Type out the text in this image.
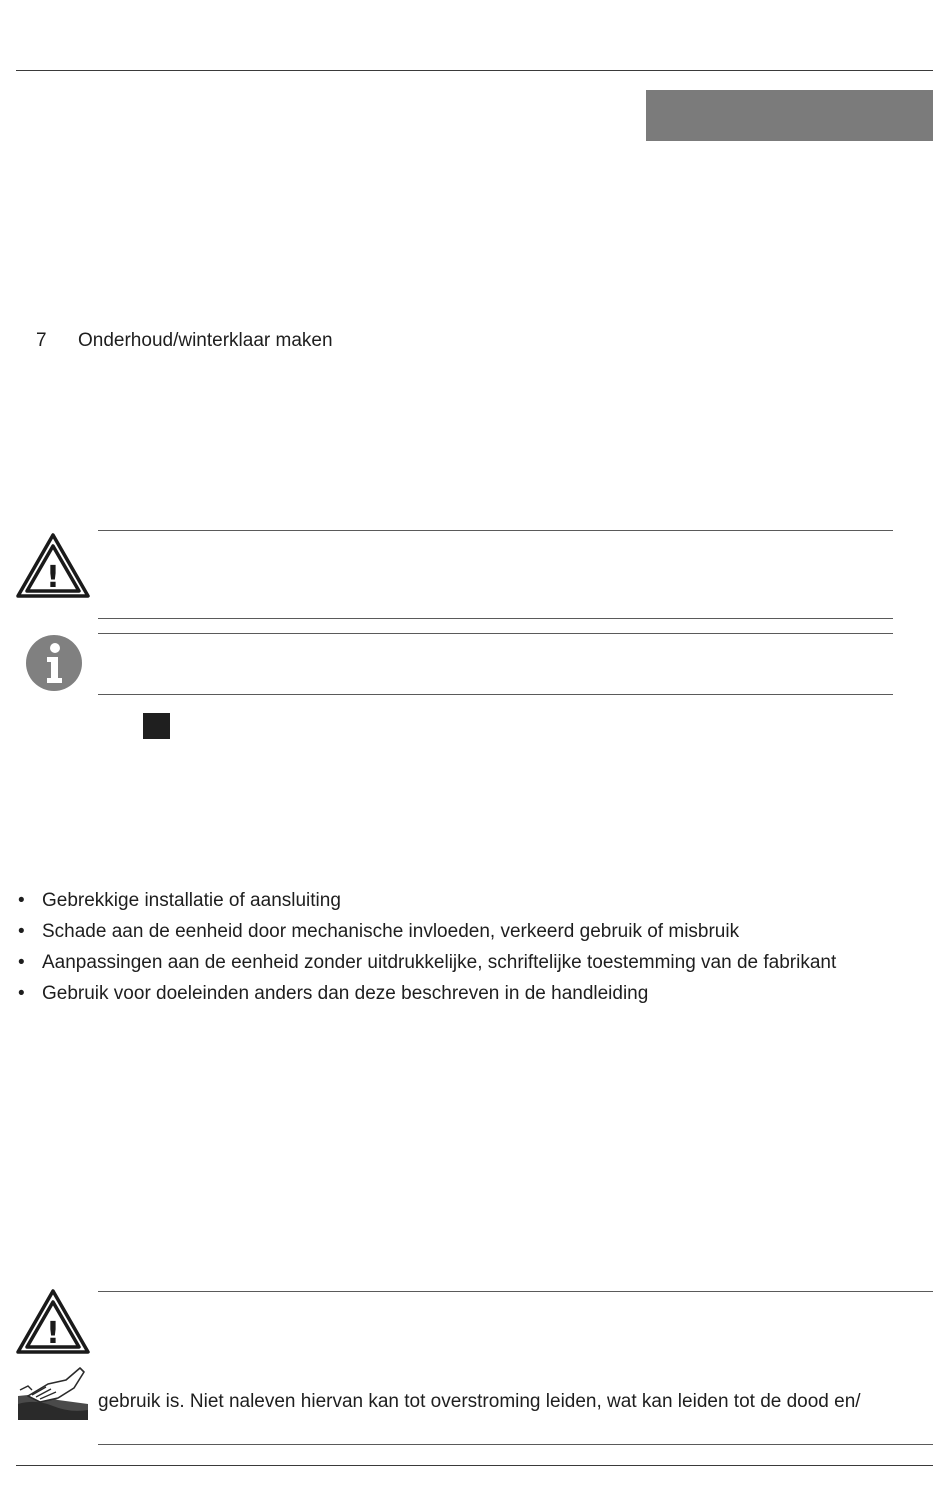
7 Onderhoud/winterklaar maken
!
• Gebrekkige installatie of aansluiting
• Schade aan de eenheid door mechanische invloeden, verkeerd gebruik of misbruik
• Aanpassingen aan de eenheid zonder uitdrukkelijke, schriftelijke toestemming van de fabrikant
• Gebruik voor doeleinden anders dan deze beschreven in de handleiding
!
gebruik is. Niet naleven hiervan kan tot overstroming leiden, wat kan leiden tot de dood en/
